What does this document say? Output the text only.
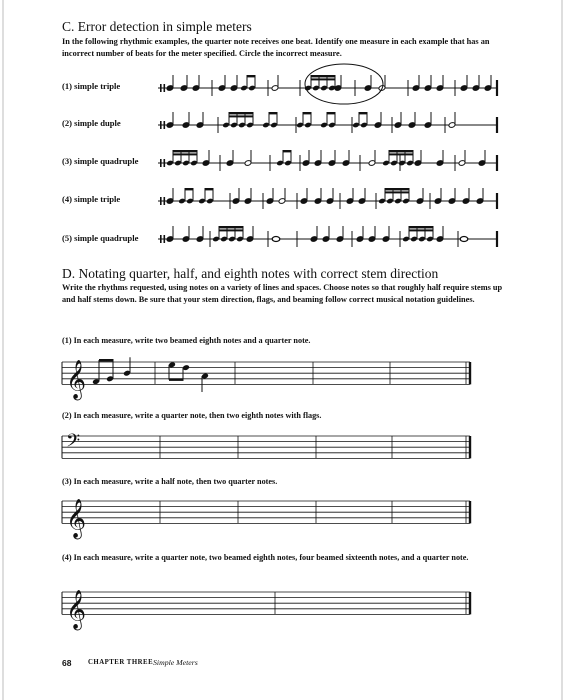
C. Error detection in simple meters
In the following rhythmic examples, the quarter note receives one beat. Identify one measure in each example that has an incorrect number of beats for the meter specified. Circle the incorrect measure.
(1) simple triple
(2) simple duple
(3) simple quadruple
(4) simple triple
(5) simple quadruple
D. Notating quarter, half, and eighth notes with correct stem direction
Write the rhythms requested, using notes on a variety of lines and spaces. Choose notes so that roughly half require stems up and half stems down. Be sure that your stem direction, flags, and beaming follow correct musical notation guidelines.
(1) In each measure, write two beamed eighth notes and a quarter note.
(2) In each measure, write a quarter note, then two eighth notes with flags.
(3) In each measure, write a half note, then two quarter notes.
(4) In each measure, write a quarter note, two beamed eighth notes, four beamed sixteenth notes, and a quarter note.
𝄞
𝄢
𝄞
𝄞
68 CHAPTER THREE Simple Meters
